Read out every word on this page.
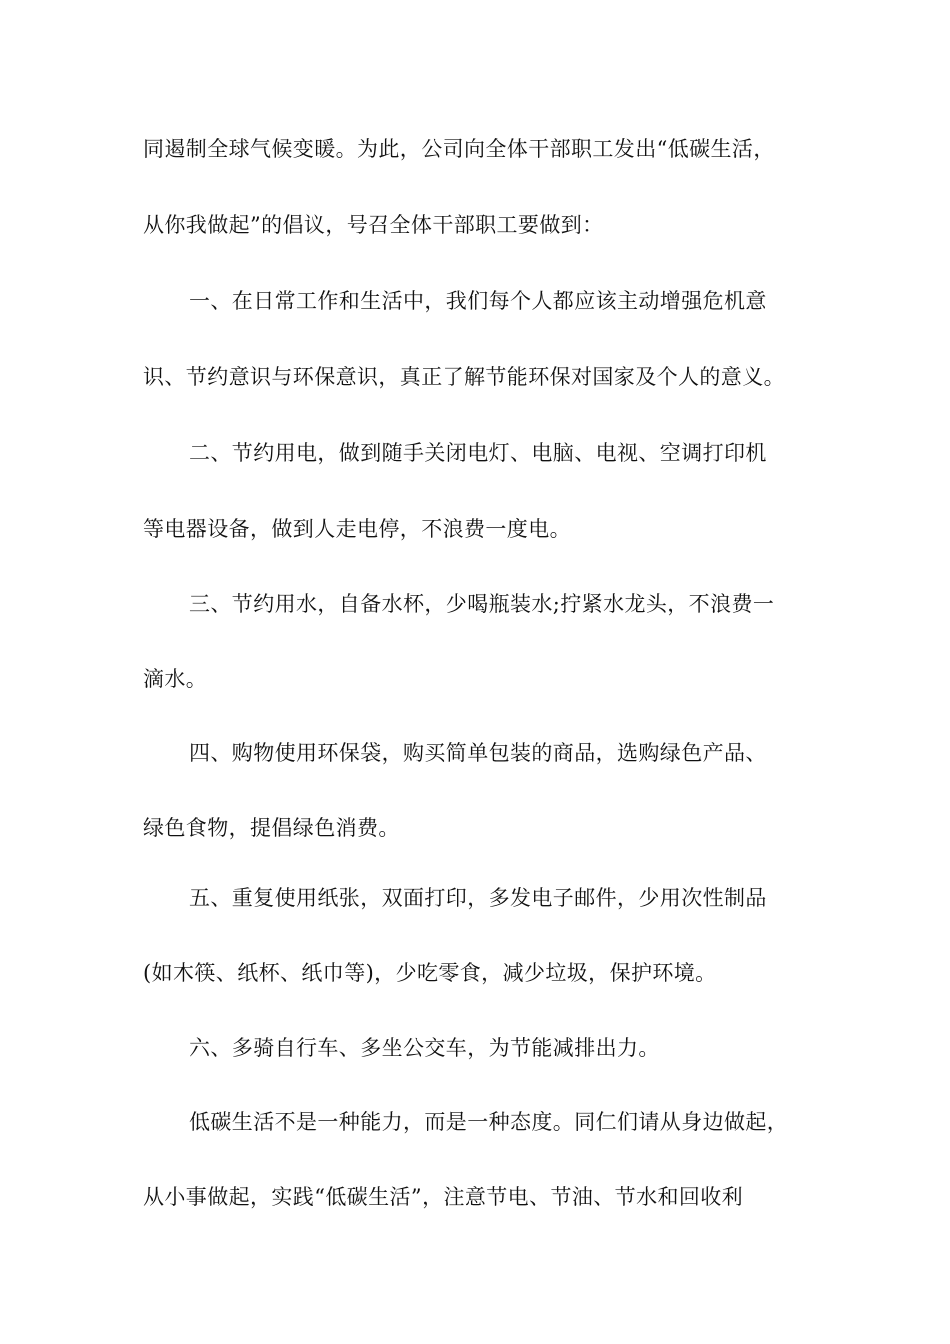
同遏制全球气候变暖。为此，公司向全体干部职工发出“低碳生活，
从你我做起”的倡议，号召全体干部职工要做到：
一、在日常工作和生活中，我们每个人都应该主动增强危机意
识、节约意识与环保意识，真正了解节能环保对国家及个人的意义。
二、节约用电，做到随手关闭电灯、电脑、电视、空调打印机
等电器设备，做到人走电停，不浪费一度电。
三、节约用水，自备水杯，少喝瓶装水;拧紧水龙头，不浪费一
滴水。
四、购物使用环保袋，购买简单包装的商品，选购绿色产品、
绿色食物，提倡绿色消费。
五、重复使用纸张，双面打印，多发电子邮件，少用次性制品
(如木筷、纸杯、纸巾等)，少吃零食，减少垃圾，保护环境。
六、多骑自行车、多坐公交车，为节能减排出力。
低碳生活不是一种能力，而是一种态度。同仁们请从身边做起，
从小事做起，实践“低碳生活”，注意节电、节油、节水和回收利
